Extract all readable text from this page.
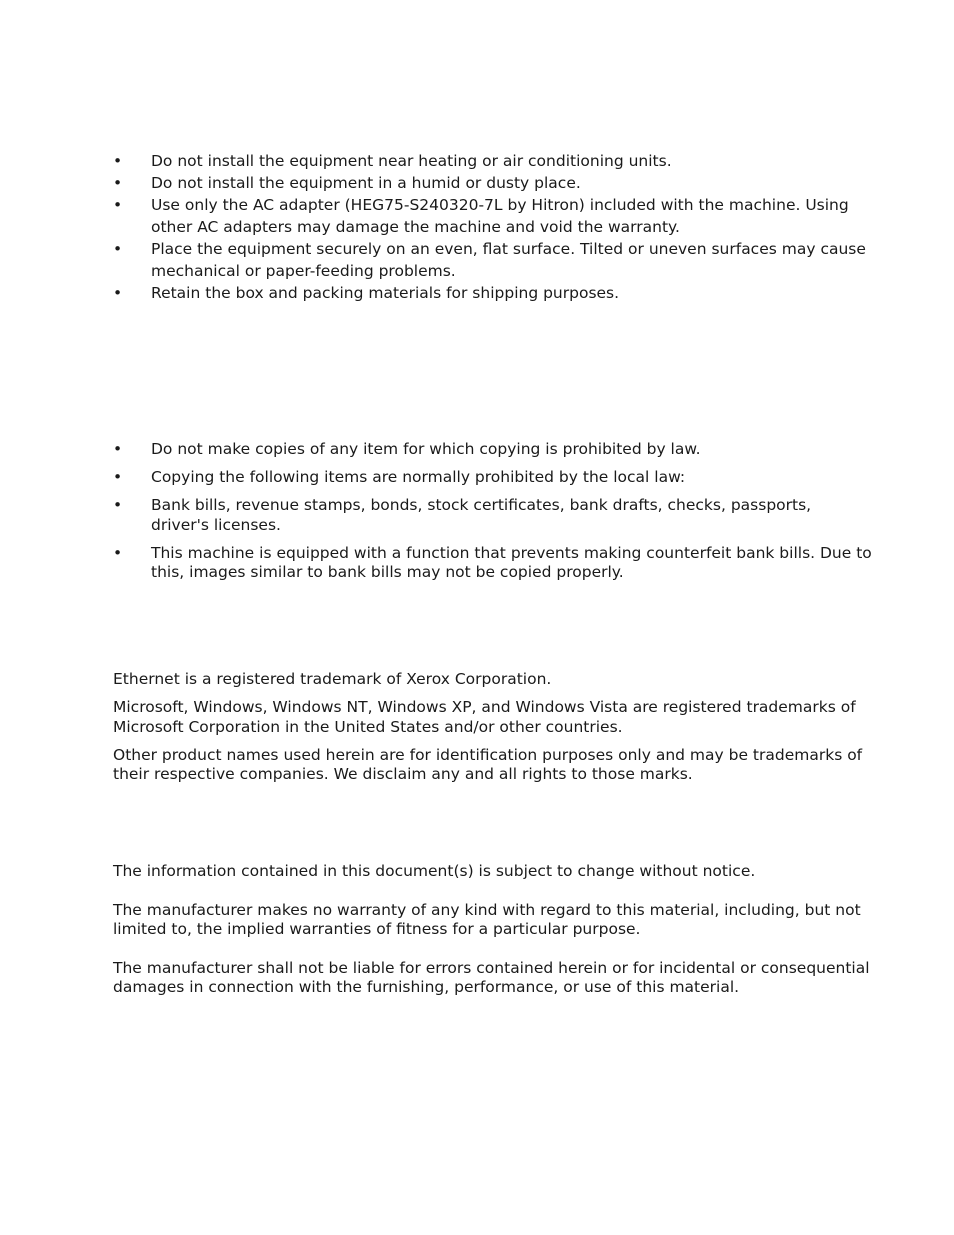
•	Do not install the equipment near heating or air conditioning units.
•	Do not install the equipment in a humid or dusty place.
•	Use only the AC adapter (HEG75-S240320-7L by Hitron) included with the machine. Using other AC adapters may damage the machine and void the warranty.
•	Place the equipment securely on an even, flat surface. Tilted or uneven surfaces may cause mechanical or paper-feeding problems.
•	Retain the box and packing materials for shipping purposes.
•	Do not make copies of any item for which copying is prohibited by law.
•	Copying the following items are normally prohibited by the local law:
•	Bank bills, revenue stamps, bonds, stock certificates, bank drafts, checks, passports, driver's licenses.
•	This machine is equipped with a function that prevents making counterfeit bank bills. Due to this, images similar to bank bills may not be copied properly.

Ethernet is a registered trademark of Xerox Corporation.

Microsoft, Windows, Windows NT, Windows XP, and Windows Vista are registered trademarks of Microsoft Corporation in the United States and/or other countries.

Other product names used herein are for identification purposes only and may be trademarks of their respective companies. We disclaim any and all rights to those marks.

The information contained in this document(s) is subject to change without notice.

The manufacturer makes no warranty of any kind with regard to this material, including, but not limited to, the implied warranties of fitness for a particular purpose.

The manufacturer shall not be liable for errors contained herein or for incidental or consequential damages in connection with the furnishing, performance, or use of this material.
